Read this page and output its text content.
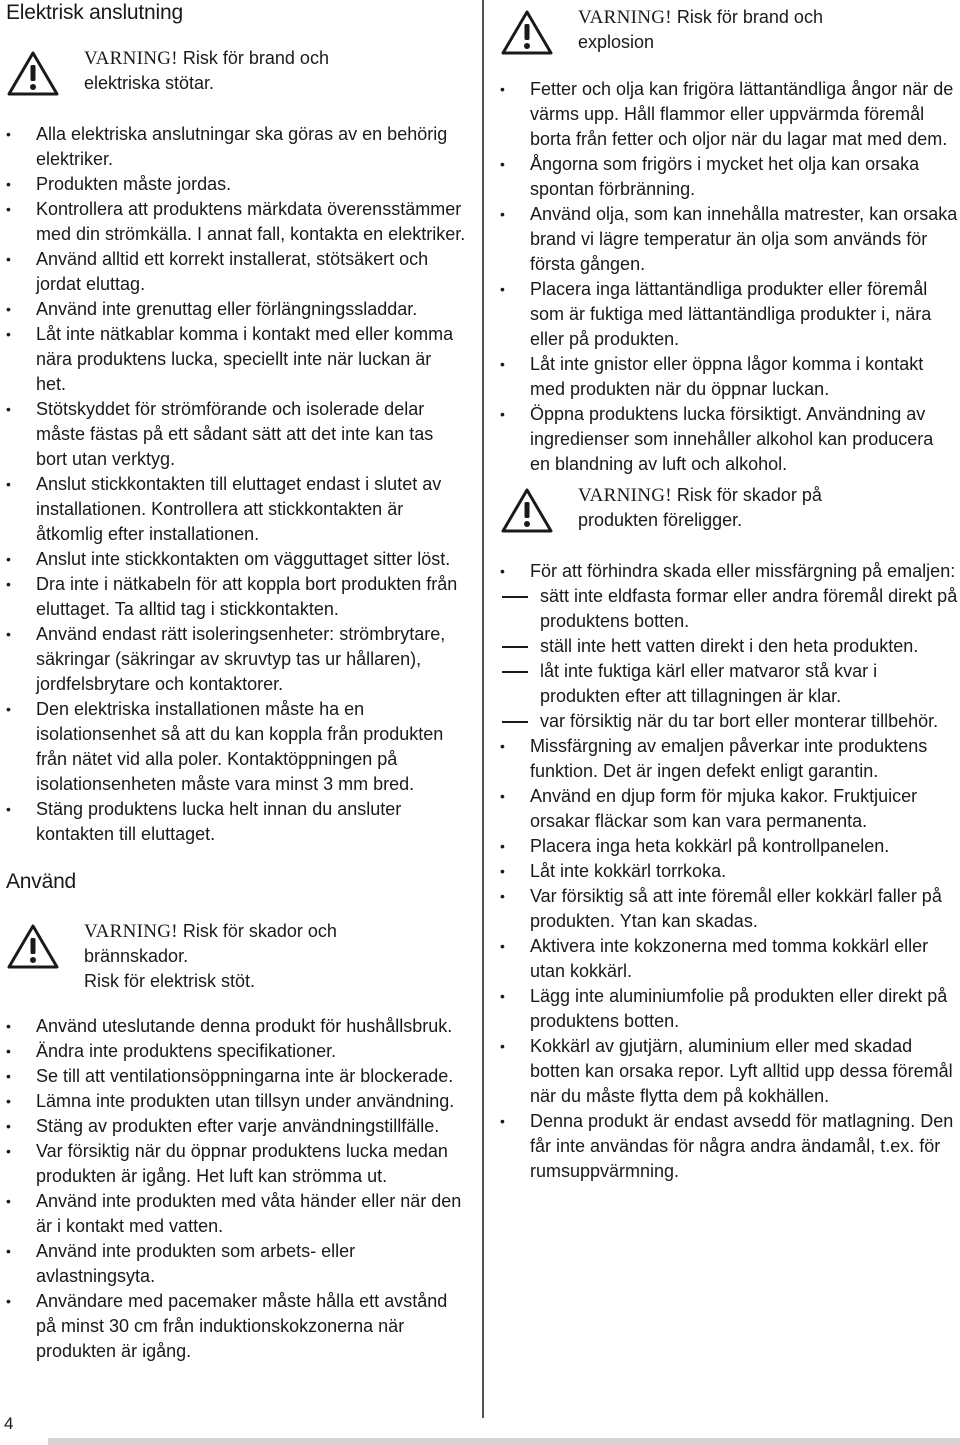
Elektrisk anslutning
VARNING! Risk för brand och
elektriska stötar.
• Alla elektriska anslutningar ska göras av en behörig elektriker.
• Produkten måste jordas.
• Kontrollera att produktens märkdata överensstämmer med din strömkälla. I annat fall, kontakta en elektriker.
• Använd alltid ett korrekt installerat, stötsäkert och jordat eluttag.
• Använd inte grenuttag eller förlängningssladdar.
• Låt inte nätkablar komma i kontakt med eller komma nära produktens lucka, speciellt inte när luckan är het.
• Stötskyddet för strömförande och isolerade delar måste fästas på ett sådant sätt att det inte kan tas bort utan verktyg.
• Anslut stickkontakten till eluttaget endast i slutet av installationen. Kontrollera att stickkontakten är åtkomlig efter installationen.
• Anslut inte stickkontakten om vägguttaget sitter löst.
• Dra inte i nätkabeln för att koppla bort produkten från eluttaget. Ta alltid tag i stickkontakten.
• Använd endast rätt isoleringsenheter: strömbrytare, säkringar (säkringar av skruvtyp tas ur hållaren), jordfelsbrytare och kontaktorer.
• Den elektriska installationen måste ha en isolationsenhet så att du kan koppla från produkten från nätet vid alla poler. Kontaktöppningen på isolationsenheten måste vara minst 3 mm bred.
• Stäng produktens lucka helt innan du ansluter kontakten till eluttaget.
Använd
VARNING! Risk för skador och
brännskador.
Risk för elektrisk stöt.
• Använd uteslutande denna produkt för hushållsbruk.
• Ändra inte produktens specifikationer.
• Se till att ventilationsöppningarna inte är blockerade.
• Lämna inte produkten utan tillsyn under användning.
• Stäng av produkten efter varje användningstillfälle.
• Var försiktig när du öppnar produktens lucka medan produkten är igång. Het luft kan strömma ut.
• Använd inte produkten med våta händer eller när den är i kontakt med vatten.
• Använd inte produkten som arbets- eller avlastningsyta.
• Användare med pacemaker måste hålla ett avstånd på minst 30 cm från induktionskokzonerna när produkten är igång.
VARNING! Risk för brand och
explosion
• Fetter och olja kan frigöra lättantändliga ångor när de värms upp. Håll flammor eller uppvärmda föremål borta från fetter och oljor när du lagar mat med dem.
• Ångorna som frigörs i mycket het olja kan orsaka spontan förbränning.
• Använd olja, som kan innehålla matrester, kan orsaka brand vi lägre temperatur än olja som används för första gången.
• Placera inga lättantändliga produkter eller föremål som är fuktiga med lättantändliga produkter i, nära eller på produkten.
• Låt inte gnistor eller öppna lågor komma i kontakt med produkten när du öppnar luckan.
• Öppna produktens lucka försiktigt. Användning av ingredienser som innehåller alkohol kan producera en blandning av luft och alkohol.
VARNING! Risk för skador på
produkten föreligger.
• För att förhindra skada eller missfärgning på emaljen:
sätt inte eldfasta formar eller andra föremål direkt på produktens botten.
ställ inte hett vatten direkt i den heta produkten.
låt inte fuktiga kärl eller matvaror stå kvar i produkten efter att tillagningen är klar.
var försiktig när du tar bort eller monterar tillbehör.
• Missfärgning av emaljen påverkar inte produktens funktion. Det är ingen defekt enligt garantin.
• Använd en djup form för mjuka kakor. Fruktjuicer orsakar fläckar som kan vara permanenta.
• Placera inga heta kokkärl på kontrollpanelen.
• Låt inte kokkärl torrkoka.
• Var försiktig så att inte föremål eller kokkärl faller på produkten. Ytan kan skadas.
• Aktivera inte kokzonerna med tomma kokkärl eller utan kokkärl.
• Lägg inte aluminiumfolie på produkten eller direkt på produktens botten.
• Kokkärl av gjutjärn, aluminium eller med skadad botten kan orsaka repor. Lyft alltid upp dessa föremål när du måste flytta dem på kokhällen.
• Denna produkt är endast avsedd för matlagning. Den får inte användas för några andra ändamål, t.ex. för rumsuppvärmning.
4
